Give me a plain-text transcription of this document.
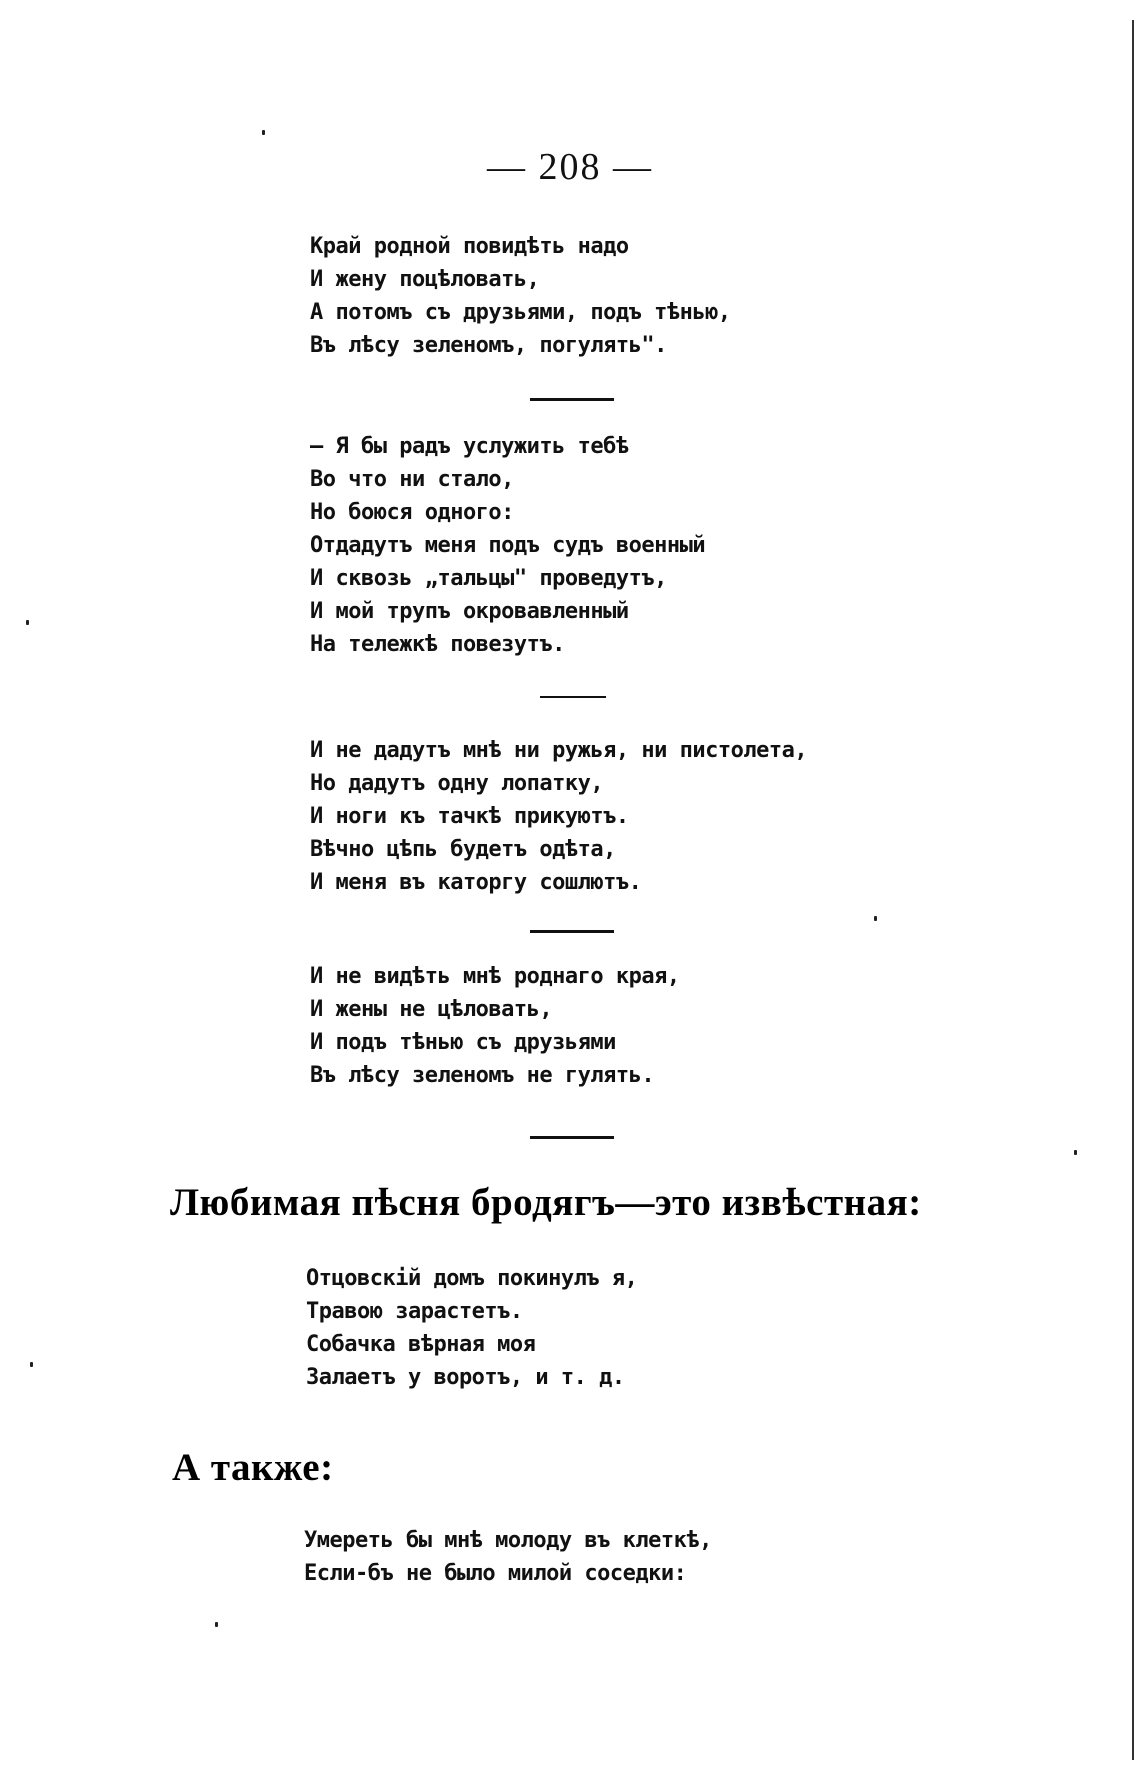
— 208 —
Край родной повидѣть надо
И жену поцѣловать,
А потомъ съ друзьями, подъ тѣнью,
Въ лѣсу зеленомъ, погулять".
— Я бы радъ услужить тебѣ
Во что ни стало,
Но боюся одного:
Отдадутъ меня подъ судъ военный
И сквозь „тальцы" проведутъ,
И мой трупъ окровавленный
На тележкѣ повезутъ.
И не дадутъ мнѣ ни ружья, ни пистолета,
Но дадутъ одну лопатку,
И ноги къ тачкѣ прикуютъ.
Вѣчно цѣпь будетъ одѣта,
И меня въ каторгу сошлютъ.
И не видѣть мнѣ роднаго края,
И жены не цѣловать,
И подъ тѣнью съ друзьями
Въ лѣсу зеленомъ не гулять.
Любимая пѣсня бродягъ—это извѣстная:
Отцовскій домъ покинулъ я,
Травою зарастетъ.
Собачка вѣрная моя
Залаетъ у воротъ, и т. д.
А также:
Умереть бы мнѣ молоду въ клеткѣ,
Если-бъ не было милой соседки:
